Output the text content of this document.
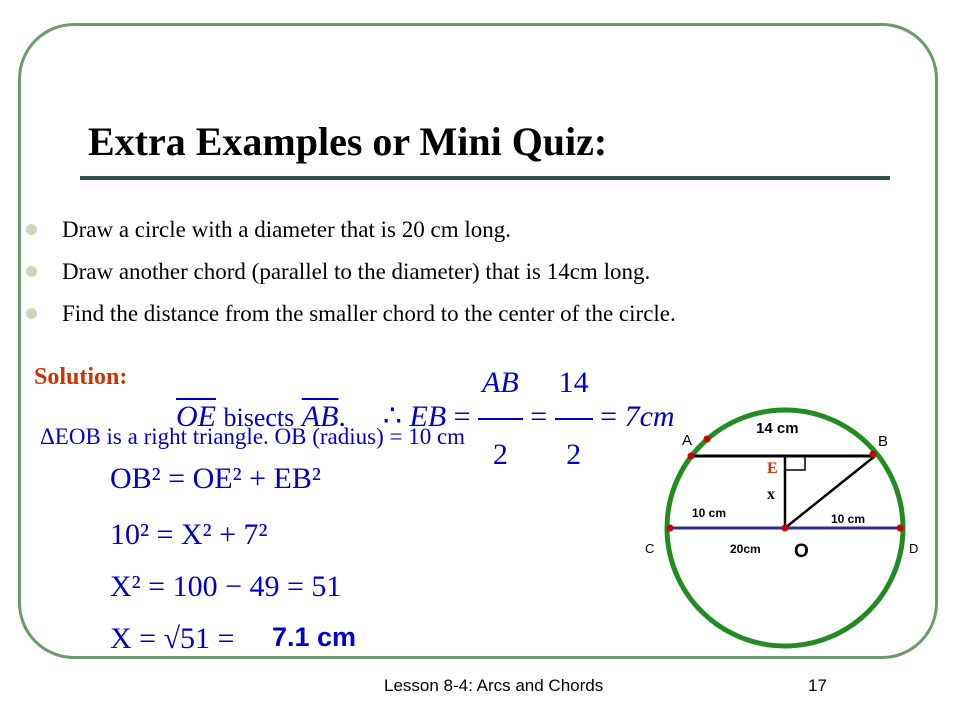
Extra Examples or Mini Quiz:
Draw a circle with a diameter that is 20 cm long.
Draw another chord (parallel to the diameter) that is 14cm long.
Find the distance from the smaller chord to the center of the circle.
Solution:
$\overline{OE}$ bisects $\overline{AB}$. ∴ EB = $\frac{AB}{2} = \frac{14}{2} = 7cm$
ΔEOB is a right triangle. OB (radius) = 10 cm
OB² = OE² + EB²
10² = X² + 7²
X² = 100 − 49 = 51
X = √51 = 7.1 cm
Lesson 8-4: Arcs and Chords	17
14 cm
A	B
E
x
10 cm	10 cm
C	D
20cm O
